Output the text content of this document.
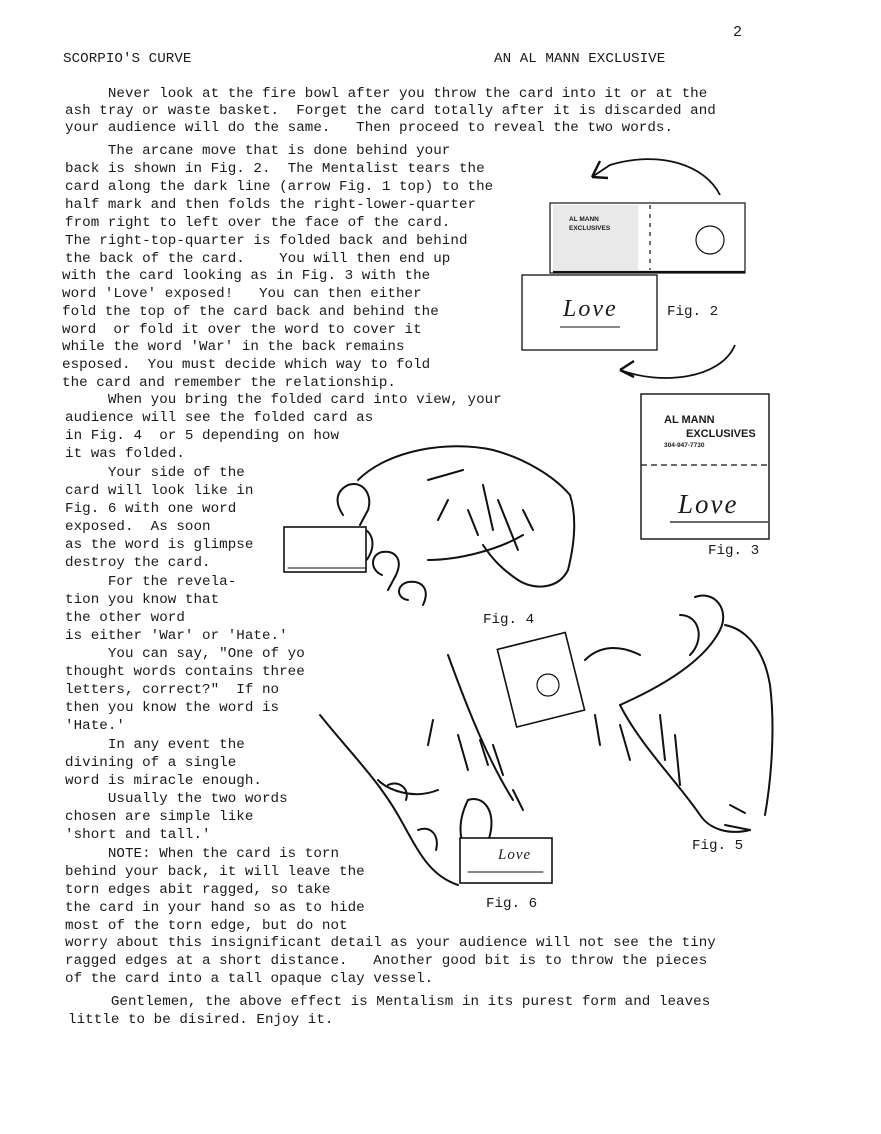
2
SCORPIO'S CURVE	AN AL MANN EXCLUSIVE
Never look at the fire bowl after you throw the card into it or at the
ash tray or waste basket.  Forget the card totally after it is discarded and
your audience will do the same.   Then proceed to reveal the two words.
The arcane move that is done behind your
back is shown in Fig. 2.  The Mentalist tears the
card along the dark line (arrow Fig. 1 top) to the
half mark and then folds the right-lower-quarter
from right to left over the face of the card.
The right-top-quarter is folded back and behind
the back of the card.    You will then end up
with the card looking as in Fig. 3 with the
word 'Love' exposed!   You can then either
fold the top of the card back and behind the
word  or fold it over the word to cover it
while the word 'War' in the back remains
esposed.  You must decide which way to fold
the card and remember the relationship.
When you bring the folded card into view, your
audience will see the folded card as
in Fig. 4  or 5 depending on how
it was folded.
Your side of the
card will look like in
Fig. 6 with one word
exposed.  As soon
as the word is glimpse
destroy the card.
For the revela-
tion you know that
the other word
is either 'War' or 'Hate.'
You can say, "One of yo
thought words contains three
letters, correct?"  If no
then you know the word is
'Hate.'
In any event the
divining of a single
word is miracle enough.
Usually the two words
chosen are simple like
'short and tall.'
NOTE: When the card is torn
behind your back, it will leave the
torn edges abit ragged, so take
the card in your hand so as to hide
most of the torn edge, but do not
worry about this insignificant detail as your audience will not see the tiny
ragged edges at a short distance.   Another good bit is to throw the pieces
of the card into a tall opaque clay vessel.
Gentlemen, the above effect is Mentalism in its purest form and leaves
little to be disired. Enjoy it.
AL MANN
EXCLUSIVES
Love	Fig. 2
AL MANN
EXCLUSIVES
304-947-7730
Love
Fig. 3
Fig. 4
Fig. 5
Love
Fig. 6
